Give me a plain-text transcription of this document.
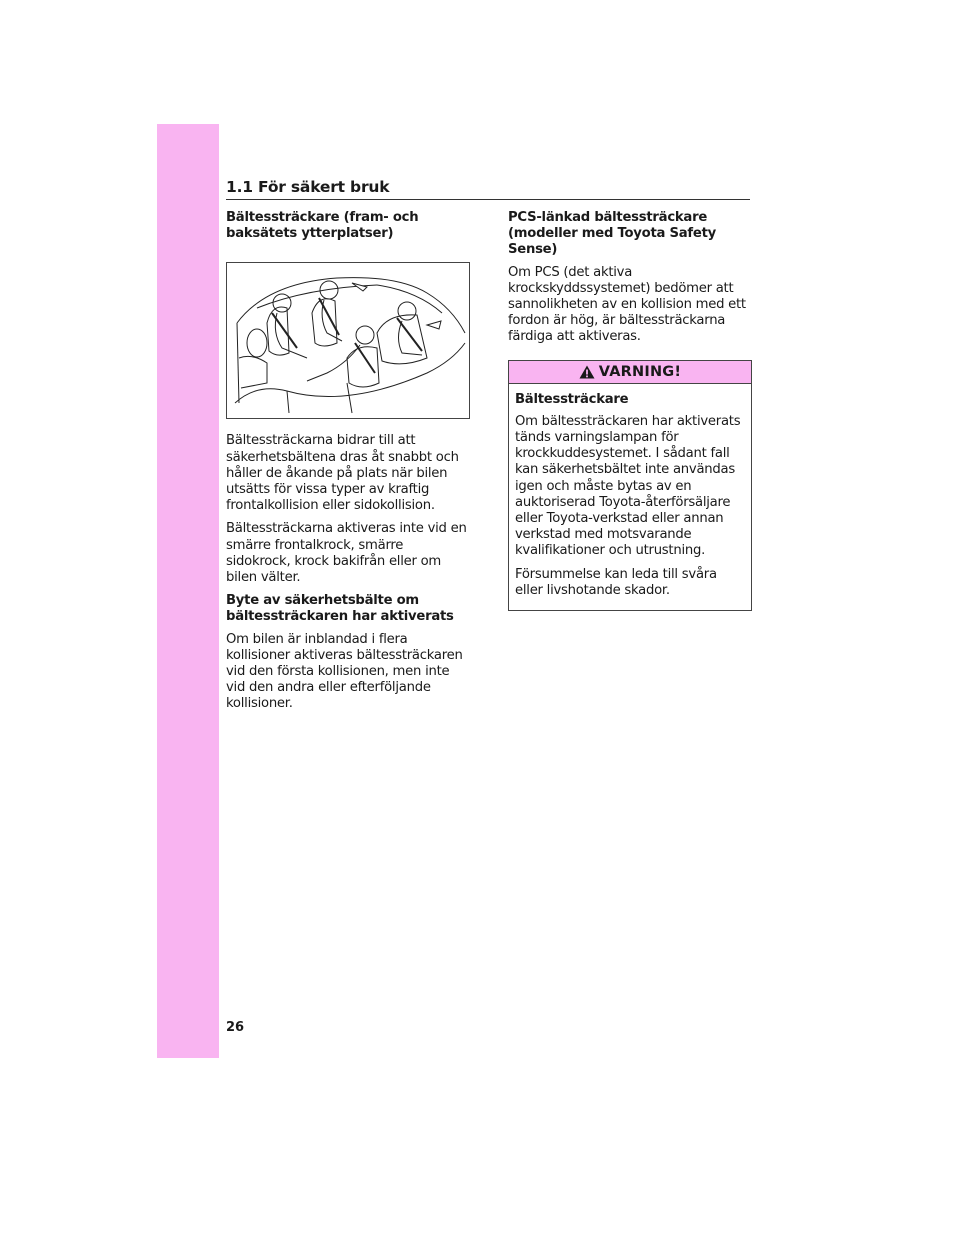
1.1 För säkert bruk
Bältessträckare (fram- och baksätets ytterplatser)
Bältessträckarna bidrar till att säkerhetsbältena dras åt snabbt och håller de åkande på plats när bilen utsätts för vissa typer av kraftig frontalkollision eller sidokollision.
Bältessträckarna aktiveras inte vid en smärre frontalkrock, smärre sidokrock, krock bakifrån eller om bilen välter.
Byte av säkerhetsbälte om bältessträckaren har aktiverats
Om bilen är inblandad i flera kollisioner aktiveras bältessträckaren vid den första kollisionen, men inte vid den andra eller efterföljande kollisioner.
PCS-länkad bältessträckare (modeller med Toyota Safety Sense)
Om PCS (det aktiva krockskyddssystemet) bedömer att sannolikheten av en kollision med ett fordon är hög, är bältessträckarna färdiga att aktiveras.
VARNING!
Bältessträckare
Om bältessträckaren har aktiverats tänds varningslampan för krockkuddesystemet. I sådant fall kan säkerhetsbältet inte användas igen och måste bytas av en auktoriserad Toyota-återförsäljare eller Toyota-verkstad eller annan verkstad med motsvarande kvalifikationer och utrustning.
Försummelse kan leda till svåra eller livshotande skador.
26
